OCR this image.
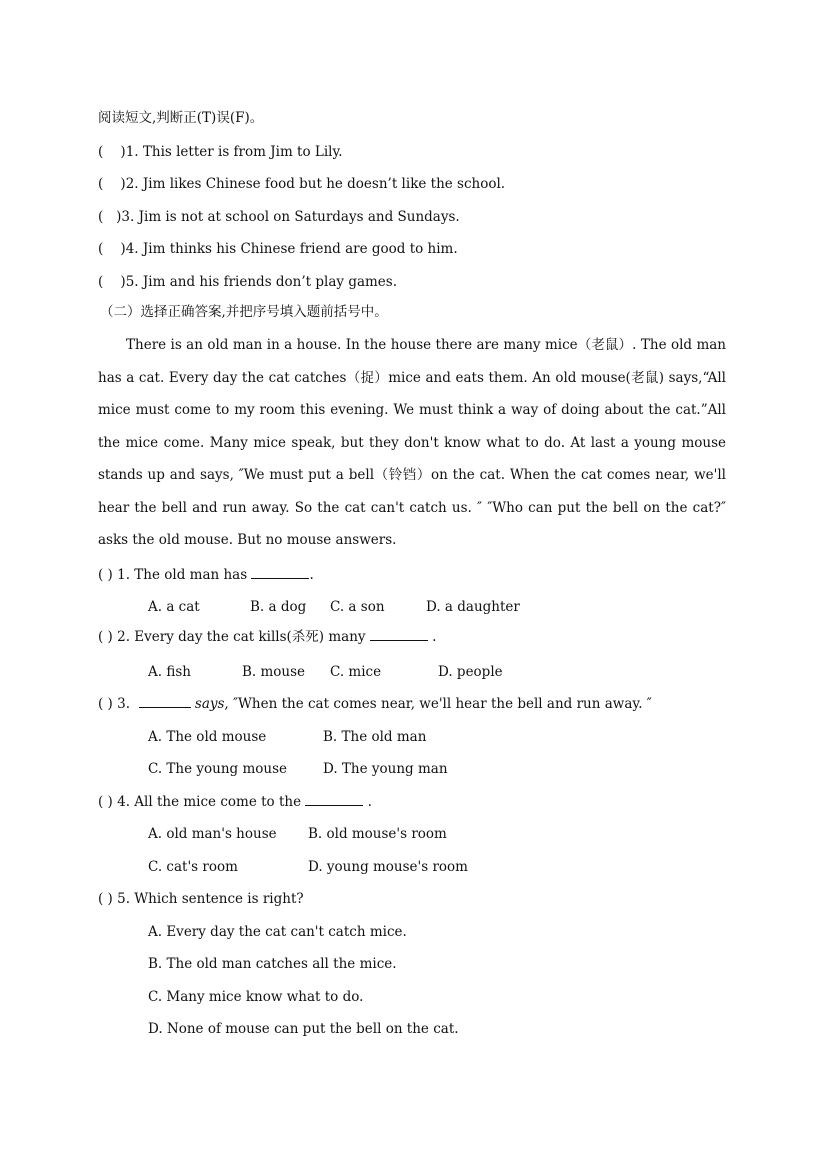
阅读短文,判断正(T)误(F)。
(    )1. This letter is from Jim to Lily.
(    )2. Jim likes Chinese food but he doesn’t like the school.
(   )3. Jim is not at school on Saturdays and Sundays.
(    )4. Jim thinks his Chinese friend are good to him.
(    )5. Jim and his friends don’t play games.
（二）选择正确答案,并把序号填入题前括号中。

There is an old man in a house. In the house there are many mice（老鼠）. The old man has a cat. Every day the cat catches（捉）mice and eats them. An old mouse(老鼠) says,“All mice must come to my room this evening. We must think a way of doing about the cat.”All the mice come. Many mice speak, but they don't know what to do. At last a young mouse stands up and says, ″We must put a bell（铃铛）on the cat. When the cat comes near, we'll hear the bell and run away. So the cat can't catch us. ″ ″Who can put the bell on the cat?″ asks the old mouse. But no mouse answers.

( ) 1. The old man has	.
A. a cat	B. a dog C. a son	D. a daughter
( ) 2. Every day the cat kills(杀死) many	.
A. fish	B. mouse C. mice	D. people
( ) 3.	says, ″When the cat comes near, we'll hear the bell and run away. ″
A. The old mouse	B. The old man
C. The young mouse	D. The young man
( ) 4. All the mice come to the	.
A. old man's house B. old mouse's room
C. cat's room	D. young mouse's room
( ) 5. Which sentence is right?
A. Every day the cat can't catch mice.
B. The old man catches all the mice.
C. Many mice know what to do.
D. None of mouse can put the bell on the cat.
